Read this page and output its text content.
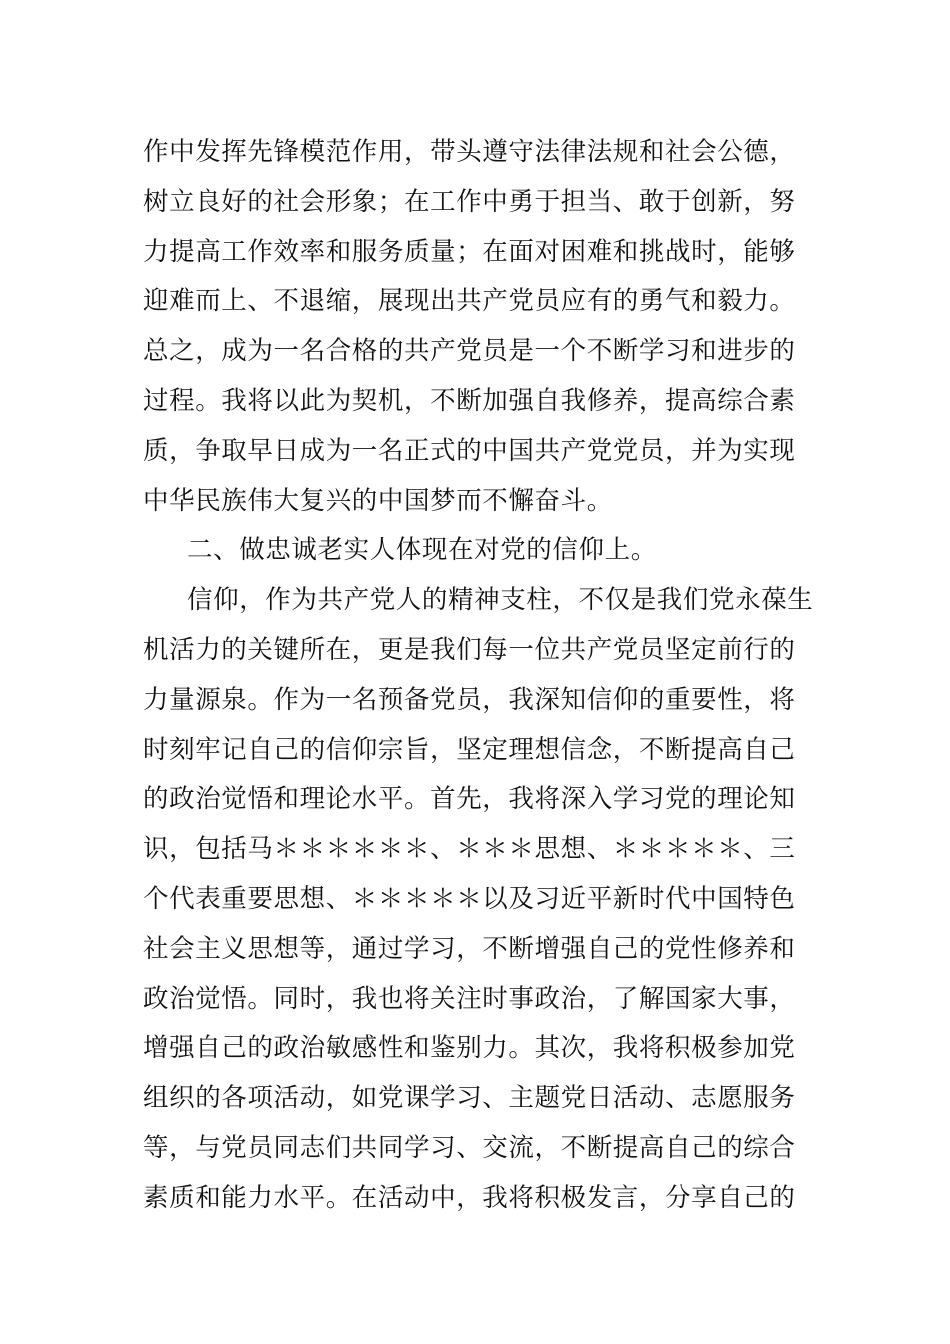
作中发挥先锋模范作用，带头遵守法律法规和社会公德，
树立良好的社会形象；在工作中勇于担当、敢于创新，努
力提高工作效率和服务质量；在面对困难和挑战时，能够
迎难而上、不退缩，展现出共产党员应有的勇气和毅力。
总之，成为一名合格的共产党员是一个不断学习和进步的
过程。我将以此为契机，不断加强自我修养，提高综合素
质，争取早日成为一名正式的中国共产党党员，并为实现
中华民族伟大复兴的中国梦而不懈奋斗。
二、做忠诚老实人体现在对党的信仰上。
信仰，作为共产党人的精神支柱，不仅是我们党永葆生
机活力的关键所在，更是我们每一位共产党员坚定前行的
力量源泉。作为一名预备党员，我深知信仰的重要性，将
时刻牢记自己的信仰宗旨，坚定理想信念，不断提高自己
的政治觉悟和理论水平。首先，我将深入学习党的理论知
识，包括马＊＊＊＊＊＊、＊＊＊思想、＊＊＊＊＊、三
个代表重要思想、＊＊＊＊＊以及习近平新时代中国特色
社会主义思想等，通过学习，不断增强自己的党性修养和
政治觉悟。同时，我也将关注时事政治，了解国家大事，
增强自己的政治敏感性和鉴别力。其次，我将积极参加党
组织的各项活动，如党课学习、主题党日活动、志愿服务
等，与党员同志们共同学习、交流，不断提高自己的综合
素质和能力水平。在活动中，我将积极发言，分享自己的
